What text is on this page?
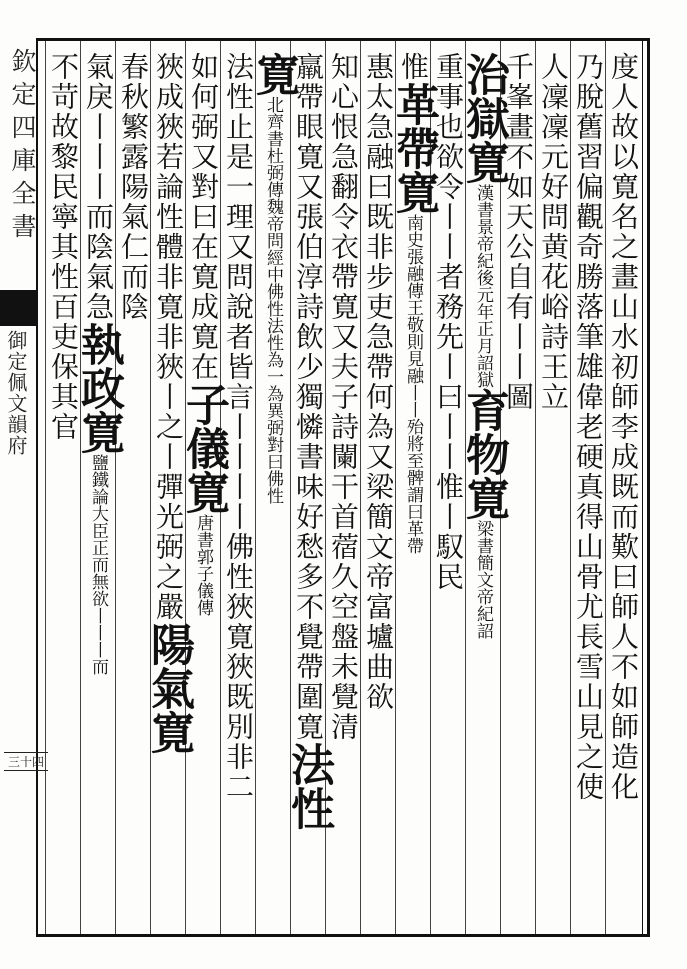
欽定四庫全書
御定佩文韻府
三十四	度人故以寛名之畫山水初師李成既而歎曰師人不如師造化
乃脫舊習偏觀奇勝落筆雄偉老硬真得山骨尤長雪山見之使
人凜凜元好問黄花峪詩王立
千峯畫不如天公自有丨丨圖
治獄寛漢書景帝紀後元年正月詔獄育物寛梁書簡文帝紀詔
重事也欲令丨丨者務先丨曰丨丨惟丨馭民
惟革帶寛南史張融傳王敬則見融丨丨殆將至髀謂曰革帶
惠太急融曰既非步吏急帶何為又梁簡文帝富壚曲欲
知心恨急翻令衣帶寛又夫子詩闌干首蓿久空盤未覺清
羸帶眼寛又張伯淳詩飲少獨憐書味好愁多不覺帶圍寛法性
寛北齊書杜弼傳魏帝問經中佛性法性為一為異弼對曰佛性
法性止是一理又問說者皆言丨丨丨丨佛性狹寛狹既別非二
如何弼又對曰在寛成寛在子儀寛唐書郭子儀傳
狹成狹若論性體非寛非狹丨之丨彈光弼之嚴陽氣寛
春秋繁露陽氣仁而陰
氣戾丨丨丨而陰氣急執政寛鹽鐵論大臣正而無欲丨丨丨而
不苛故黎民寧其性百吏保其官
